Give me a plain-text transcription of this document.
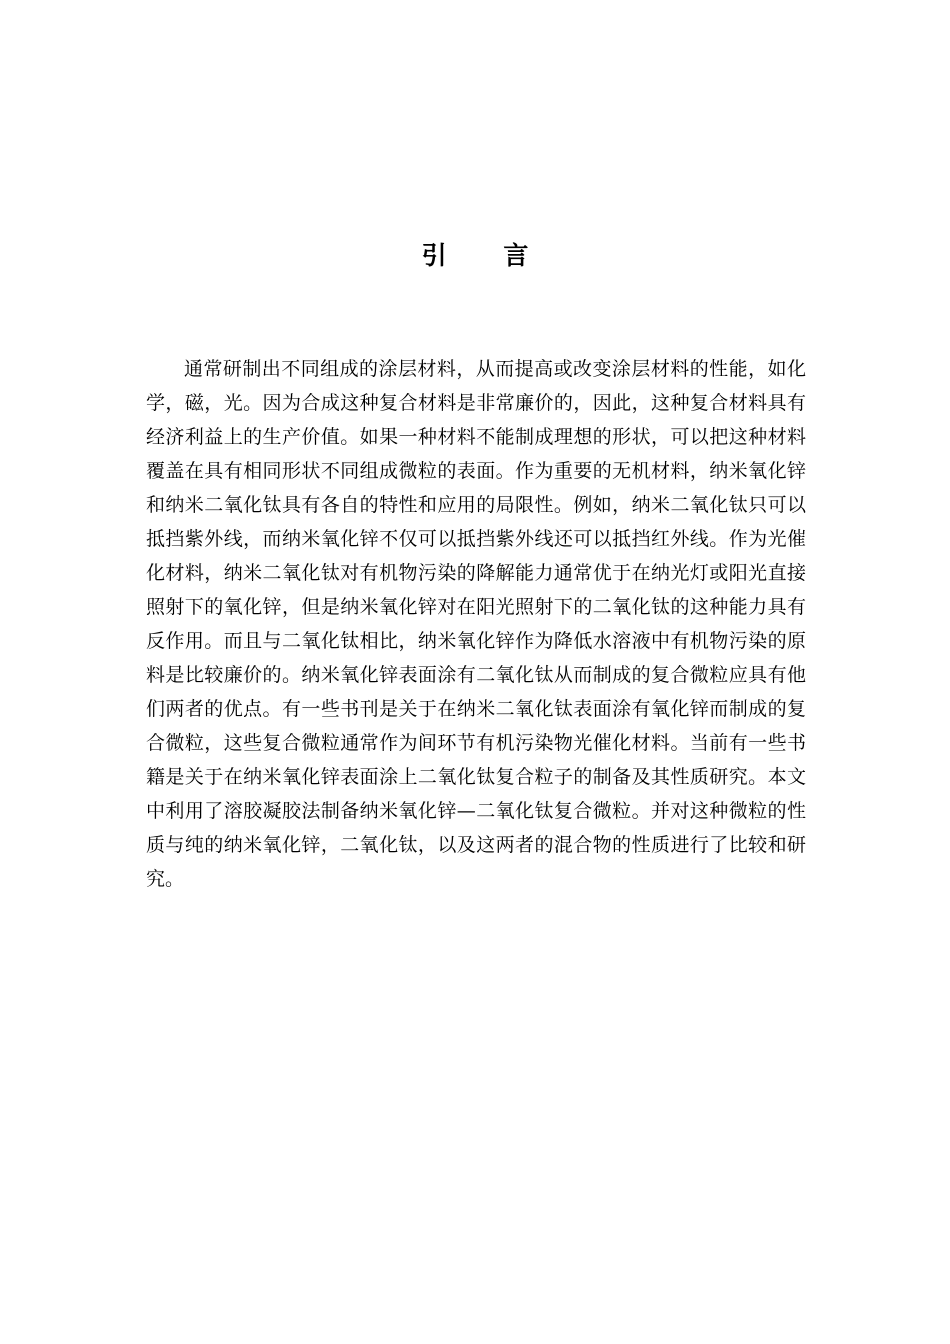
引 言

通常研制出不同组成的涂层材料，从而提高或改变涂层材料的性能，如化学，磁，光。因为合成这种复合材料是非常廉价的，因此，这种复合材料具有经济利益上的生产价值。如果一种材料不能制成理想的形状，可以把这种材料覆盖在具有相同形状不同组成微粒的表面。作为重要的无机材料，纳米氧化锌和纳米二氧化钛具有各自的特性和应用的局限性。例如，纳米二氧化钛只可以抵挡紫外线，而纳米氧化锌不仅可以抵挡紫外线还可以抵挡红外线。作为光催化材料，纳米二氧化钛对有机物污染的降解能力通常优于在纳光灯或阳光直接照射下的氧化锌，但是纳米氧化锌对在阳光照射下的二氧化钛的这种能力具有反作用。而且与二氧化钛相比，纳米氧化锌作为降低水溶液中有机物污染的原料是比较廉价的。纳米氧化锌表面涂有二氧化钛从而制成的复合微粒应具有他们两者的优点。有一些书刊是关于在纳米二氧化钛表面涂有氧化锌而制成的复合微粒，这些复合微粒通常作为间环节有机污染物光催化材料。当前有一些书籍是关于在纳米氧化锌表面涂上二氧化钛复合粒子的制备及其性质研究。本文中利用了溶胶凝胶法制备纳米氧化锌—二氧化钛复合微粒。并对这种微粒的性质与纯的纳米氧化锌，二氧化钛，以及这两者的混合物的性质进行了比较和研究。
